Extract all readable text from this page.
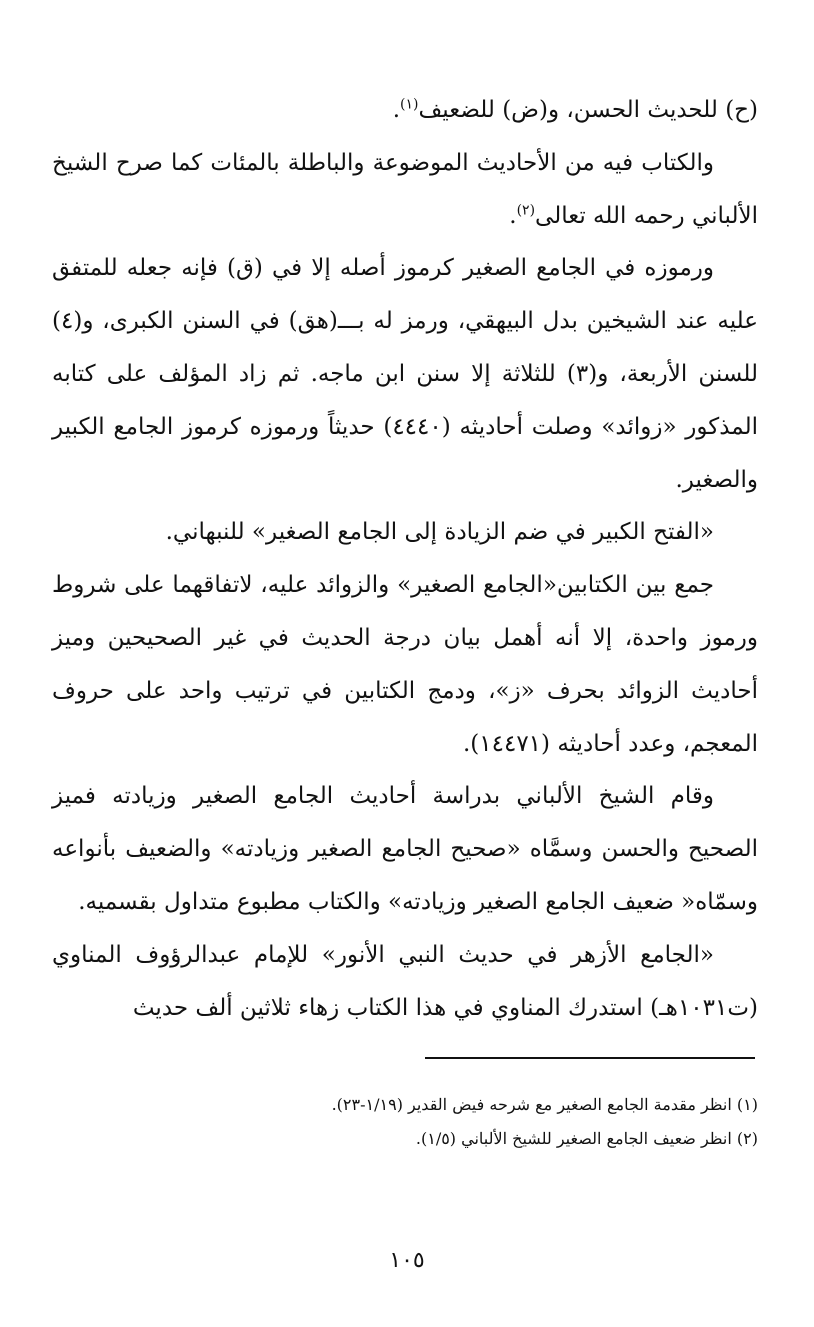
(ح) للحديث الحسن، و(ض) للضعيف$^{(١)}$.

والكتاب فيه من الأحاديث الموضوعة والباطلة بالمئات كما صرح الشيخ الألباني رحمه الله تعالى$^{(٢)}$.

ورموزه في الجامع الصغير كرموز أصله إلا في (ق) فإنه جعله للمتفق عليه عند الشيخين بدل البيهقي، ورمز له بـــ(هق) في السنن الكبرى، و(٤) للسنن الأربعة، و(٣) للثلاثة إلا سنن ابن ماجه. ثم زاد المؤلف على كتابه المذكور «زوائد» وصلت أحاديثه (٤٤٤٠) حديثاً ورموزه كرموز الجامع الكبير والصغير.

«الفتح الكبير في ضم الزيادة إلى الجامع الصغير» للنبهاني.

جمع بين الكتابين«الجامع الصغير» والزوائد عليه، لاتفاقهما على شروط ورموز واحدة، إلا أنه أهمل بيان درجة الحديث في غير الصحيحين وميز أحاديث الزوائد بحرف «ز»، ودمج الكتابين في ترتيب واحد على حروف المعجم، وعدد أحاديثه (١٤٤٧١).

وقام الشيخ الألباني بدراسة أحاديث الجامع الصغير وزيادته فميز الصحيح والحسن وسمَّاه «صحيح الجامع الصغير وزيادته» والضعيف بأنواعه وسمّاه« ضعيف الجامع الصغير وزيادته» والكتاب مطبوع متداول بقسميه.

«الجامع الأزهر في حديث النبي الأنور» للإمام عبدالرؤوف المناوي (ت١٠٣١هـ) استدرك المناوي في هذا الكتاب زهاء ثلاثين ألف حديث

(١) انظر مقدمة الجامع الصغير مع شرحه فيض القدير (١/١٩-٢٣).

(٢) انظر ضعيف الجامع الصغير للشيخ الألباني (١/٥).

١٠٥
